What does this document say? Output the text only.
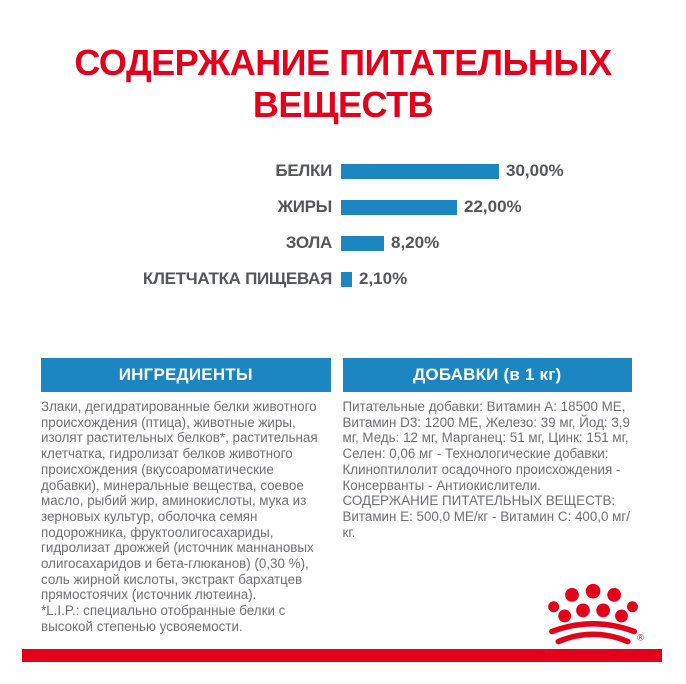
СОДЕРЖАНИЕ ПИТАТЕЛЬНЫХ
ВЕЩЕСТВ
БЕЛКИ	30,00%
ЖИРЫ	22,00%
ЗОЛА	8,20%
КЛЕТЧАТКА ПИЩЕВАЯ	2,10%
ИНГРЕДИЕНТЫ
Злаки, дегидратированные белки животного происхождения (птица), животные жиры, изолят растительных белков*, растительная клетчатка, гидролизат белков животного происхождения (вкусоароматические добавки), минеральные вещества, соевое масло, рыбий жир, аминокислоты, мука из зерновых культур, оболочка семян подорожника, фруктоолигосахариды, гидролизат дрожжей (источник маннановых олигосахаридов и бета-глюканов) (0,30 %), соль жирной кислоты, экстракт бархатцев прямостоячих (источник лютеина).
*L.I.P.: специально отобранные белки с высокой степенью усвояемости.
ДОБАВКИ (в 1 кг)
Питательные добавки: Витамин А: 18500 МЕ, Витамин D3: 1200 МЕ, Железо: 39 мг, Йод: 3,9 мг, Медь: 12 мг, Марганец: 51 мг, Цинк: 151 мг, Селен: 0,06 мг - Технологические добавки: Клиноптилолит осадочного происхождения - Консерванты - Антиокислители. СОДЕРЖАНИЕ ПИТАТЕЛЬНЫХ ВЕЩЕСТВ: Витамин Е: 500,0 МЕ/кг - Витамин С: 400,0 мг/кг.
®
